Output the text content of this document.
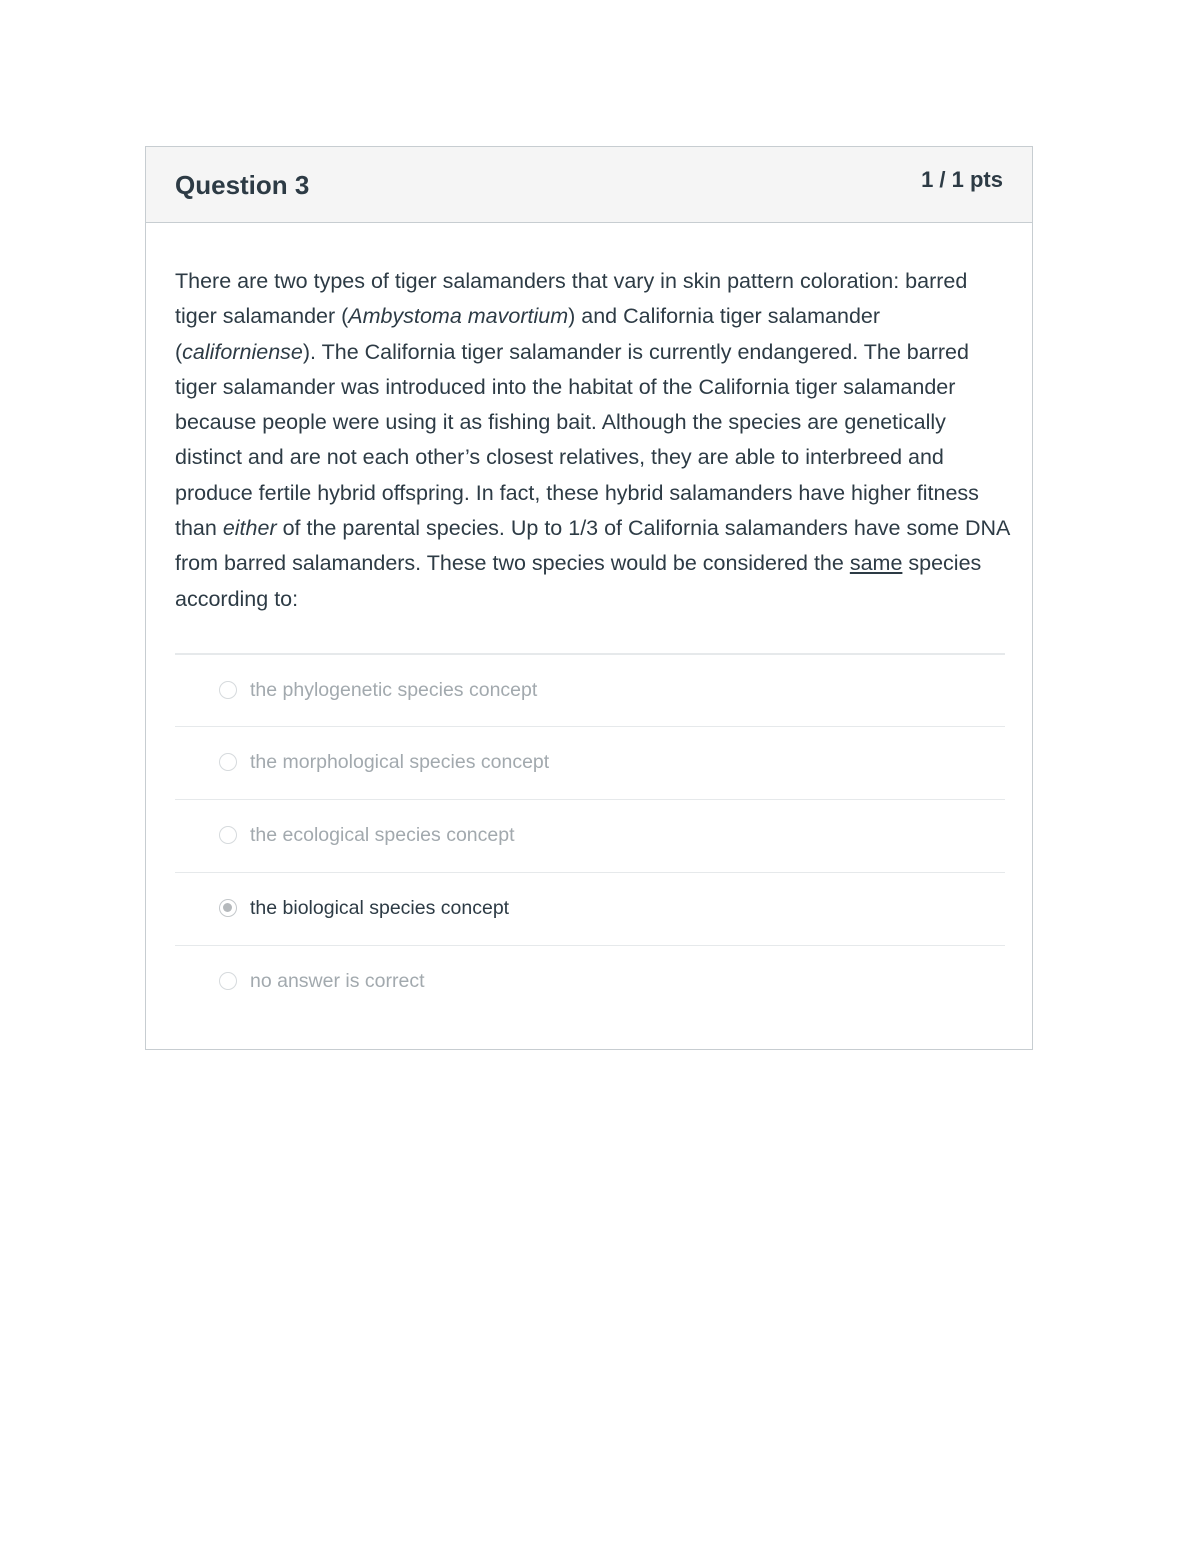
Question 3	1 / 1 pts

There are two types of tiger salamanders that vary in skin pattern coloration: barred tiger salamander (Ambystoma mavortium) and California tiger salamander (californiense). The California tiger salamander is currently endangered. The barred tiger salamander was introduced into the habitat of the California tiger salamander because people were using it as fishing bait. Although the species are genetically distinct and are not each other’s closest relatives, they are able to interbreed and produce fertile hybrid offspring. In fact, these hybrid salamanders have higher fitness than either of the parental species. Up to 1/3 of California salamanders have some DNA from barred salamanders. These two species would be considered the same species according to:

the phylogenetic species concept
the morphological species concept
the ecological species concept
the biological species concept
no answer is correct
